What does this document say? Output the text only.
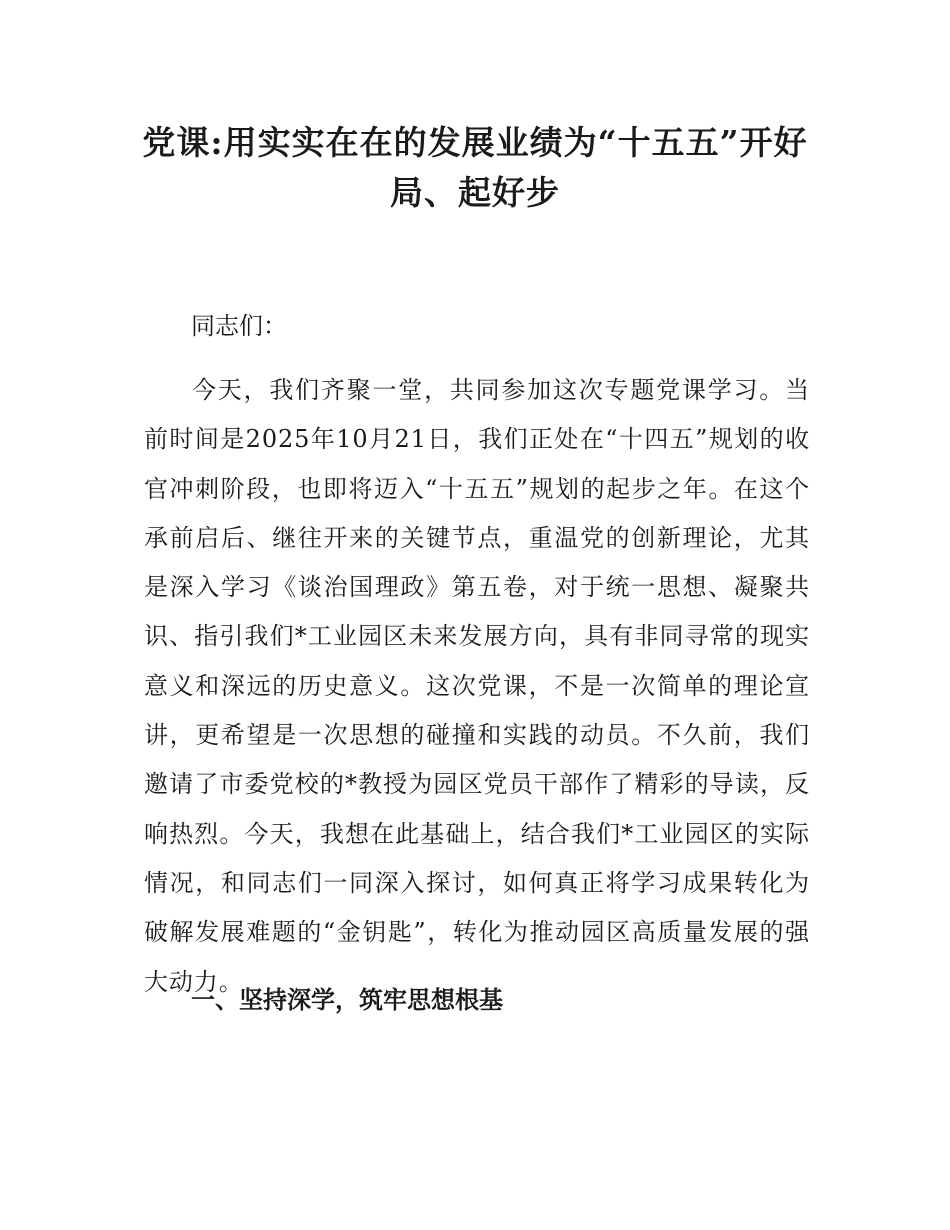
党课:用实实在在的发展业绩为“十五五”开好局、起好步

同志们：

今天，我们齐聚一堂，共同参加这次专题党课学习。当前时间是2025年10月21日，我们正处在“十四五”规划的收官冲刺阶段，也即将迈入“十五五”规划的起步之年。在这个承前启后、继往开来的关键节点，重温党的创新理论，尤其是深入学习《谈治国理政》第五卷，对于统一思想、凝聚共识、指引我们*工业园区未来发展方向，具有非同寻常的现实意义和深远的历史意义。这次党课，不是一次简单的理论宣讲，更希望是一次思想的碰撞和实践的动员。不久前，我们邀请了市委党校的*教授为园区党员干部作了精彩的导读，反响热烈。今天，我想在此基础上，结合我们*工业园区的实际情况，和同志们一同深入探讨，如何真正将学习成果转化为破解发展难题的“金钥匙”，转化为推动园区高质量发展的强大动力。

一、坚持深学，筑牢思想根基
